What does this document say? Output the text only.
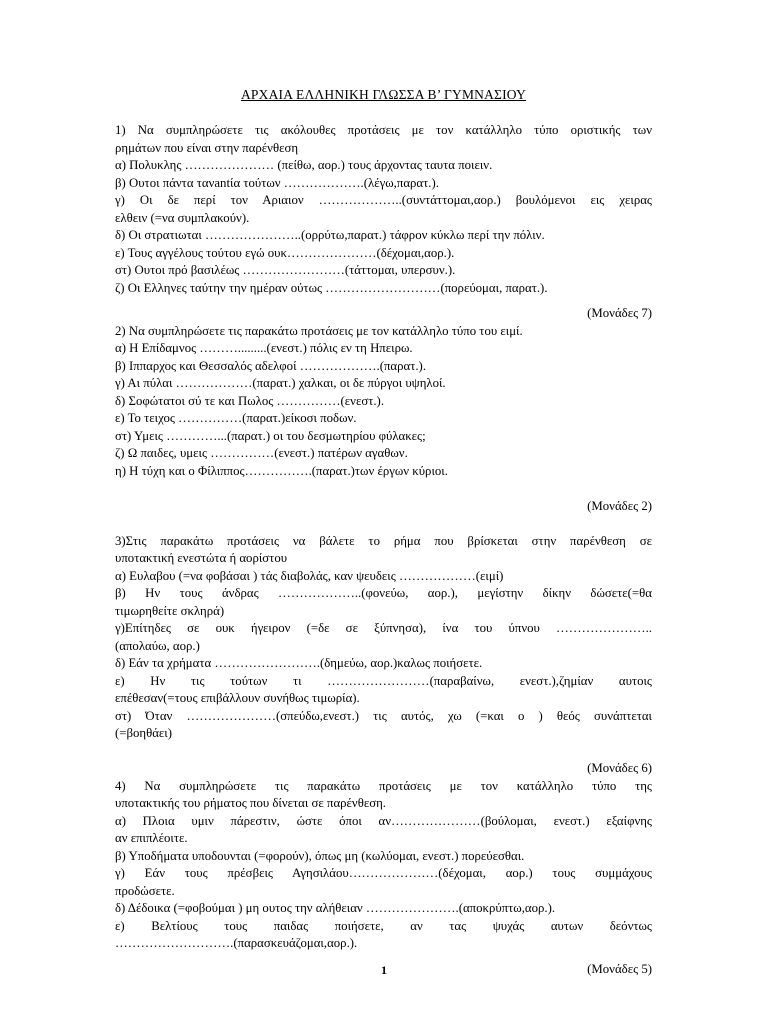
ΑΡΧΑΙΑ ΕΛΛΗΝΙΚΗ ΓΛΩΣΣΑ Β’ ΓΥΜΝΑΣΙΟΥ
1) Να συμπληρώσετε τις ακόλουθες προτάσεις με τον κατάλληλο τύπο οριστικής των
ρημάτων που είναι στην παρένθεση
α) Πολυκλης ………………… (πείθω, αορ.) τους άρχοντας ταυτα ποιειν.
β) Ουτοι πάντα τανantία τούτων ……………….(λέγω,παρατ.).
γ) Οι δε περί τον Αριαιον ………………..(συντάττομαι,αορ.) βουλόμενοι εις χειρας
ελθειν (=να συμπλακούν).
δ) Οι στρατιωται …………………..(ορρύτω,παρατ.) τάφρον κύκλω περί την πόλιν.
ε) Τους αγγέλους τούτου εγώ ουκ…………………(δέχομαι,αορ.).
στ) Ουτοι πρό βασιλέως ……………………(τάττομαι, υπερσυν.).
ζ) Οι Ελληνες ταύτην την ημέραν ούτως ………………………(πορεύομαι, παρατ.).
(Μονάδες 7)
2) Να συμπληρώσετε τις παρακάτω προτάσεις με τον κατάλληλο τύπο του ειμί.
α) Η Επίδαμνος ……….........(ενεστ.) πόλις εν τη Ηπειρω.
β) Ιππαρχος και Θεσσαλός αδελφοί ……………….(παρατ.).
γ) Αι πύλαι ………………(παρατ.) χαλκαι, οι δε πύργοι υψηλοί.
δ) Σοφώτατοι σύ τε και Πωλος ……………(ενεστ.).
ε) Το τειχος ……………(παρατ.)είκοσι ποδων.
στ) Υμεις …………...(παρατ.) οι του δεσμωτηρίου φύλακες;
ζ) Ω παιδες, υμεις ……………(ενεστ.) πατέρων αγαθων.
η) Η τύχη και ο Φίλιππος…………….(παρατ.)των έργων κύριοι.
(Μονάδες 2)
3)Στις παρακάτω προτάσεις να βάλετε το ρήμα που βρίσκεται στην παρένθεση σε
υποτακτική ενεστώτα ή αορίστου
α) Ευλαβου (=να φοβάσαι ) τάς διαβολάς, καν ψευδεις ………………(ειμί)
β) Ην τους άνδρας ………………..(φονεύω, αορ.), μεγίστην δίκην δώσετε(=θα
τιμωρηθείτε σκληρά)
γ)Επίτηδες σε ουκ ήγειρον (=δε σε ξύπνησα), ίνα του ύπνου …………………..
(απολαύω, αορ.)
δ) Εάν τα χρήματα …………………….(δημεύω, αορ.)καλως ποιήσετε.
ε) Ην τις τούτων τι ……………………(παραβαίνω, ενεστ.),ζημίαν αυτοις
επέθεσαν(=τους επιβάλλουν συνήθως τιμωρία).
στ) Όταν …………………(σπεύδω,ενεστ.) τις αυτός, χω (=και ο ) θεός συνάπτεται
(=βοηθάει)
(Μονάδες 6)
4) Να συμπληρώσετε τις παρακάτω προτάσεις με τον κατάλληλο τύπο της
υποτακτικής του ρήματος που δίνεται σε παρένθεση.
α) Πλοια υμιν πάρεστιν, ώστε όποι αν…………………(βούλομαι, ενεστ.) εξαίφνης
αν επιπλέοιτε.
β) Υποδήματα υποδουνται (=φορούν), όπως μη (κωλύομαι, ενεστ.) πορεύεσθαι.
γ) Εάν τους πρέσβεις Αγησιλάου…………………(δέχομαι, αορ.) τους συμμάχους
προδώσετε.
δ) Δέδοικα (=φοβούμαι ) μη ουτος την αλήθειαν ………………….(αποκρύπτω,αορ.).
ε) Βελτίους τους παιδας ποιήσετε, αν τας ψυχάς αυτων δεόντως
……………………….(παρασκευάζομαι,αορ.).
(Μονάδες 5)
1
